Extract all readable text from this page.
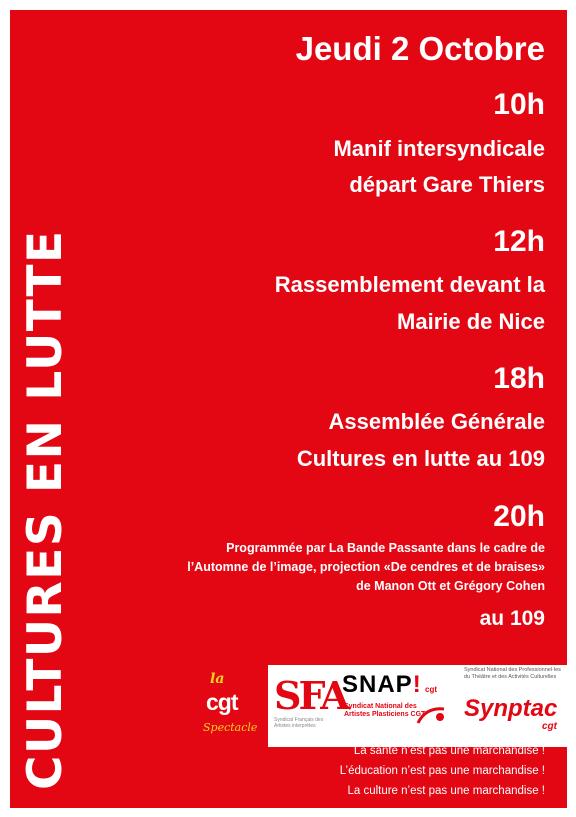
CULTURES EN LUTTE
Jeudi 2 Octobre
10h
Manif intersyndicale
départ Gare Thiers
12h
Rassemblement devant la
Mairie de Nice
18h
Assemblée Générale
Cultures en lutte au 109
20h
Programmée par La Bande Passante dans le cadre de
l’Automne de l’image, projection «De cendres et de braises»
de Manon Ott et Grégory Cohen
au 109
la
cgt
Spectacle
SFA
Syndicat Français des Artistes interprètes
SNAP! cgt
Syndicat National des Artistes Plasticiens CGT
Syndicat National des Professionnel·les du Théâtre et des Activités Culturelles
Synptac
cgt
La santé n’est pas une marchandise !
L’éducation n’est pas une marchandise !
La culture n’est pas une marchandise !
